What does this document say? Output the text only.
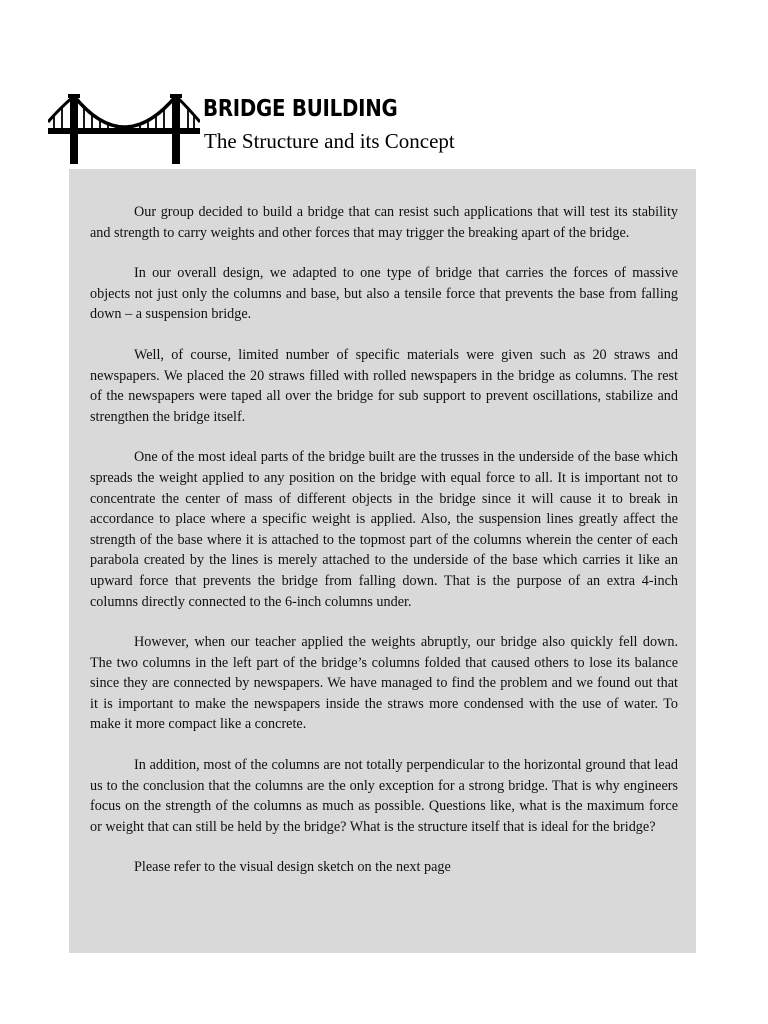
BRIDGE BUILDING
The Structure and its Concept

Our group decided to build a bridge that can resist such applications that will test its stability and strength to carry weights and other forces that may trigger the breaking apart of the bridge.

In our overall design, we adapted to one type of bridge that carries the forces of massive objects not just only the columns and base, but also a tensile force that prevents the base from falling down – a suspension bridge.

Well, of course, limited number of specific materials were given such as 20 straws and newspapers. We placed the 20 straws filled with rolled newspapers in the bridge as columns. The rest of the newspapers were taped all over the bridge for sub support to prevent oscillations, stabilize and strengthen the bridge itself.

One of the most ideal parts of the bridge built are the trusses in the underside of the base which spreads the weight applied to any position on the bridge with equal force to all. It is important not to concentrate the center of mass of different objects in the bridge since it will cause it to break in accordance to place where a specific weight is applied. Also, the suspension lines greatly affect the strength of the base where it is attached to the topmost part of the columns wherein the center of each parabola created by the lines is merely attached to the underside of the base which carries it like an upward force that prevents the bridge from falling down. That is the purpose of an extra 4-inch columns directly connected to the 6-inch columns under.

However, when our teacher applied the weights abruptly, our bridge also quickly fell down. The two columns in the left part of the bridge’s columns folded that caused others to lose its balance since they are connected by newspapers. We have managed to find the problem and we found out that it is important to make the newspapers inside the straws more condensed with the use of water. To make it more compact like a concrete.

In addition, most of the columns are not totally perpendicular to the horizontal ground that lead us to the conclusion that the columns are the only exception for a strong bridge. That is why engineers focus on the strength of the columns as much as possible. Questions like, what is the maximum force or weight that can still be held by the bridge? What is the structure itself that is ideal for the bridge?

Please refer to the visual design sketch on the next page
